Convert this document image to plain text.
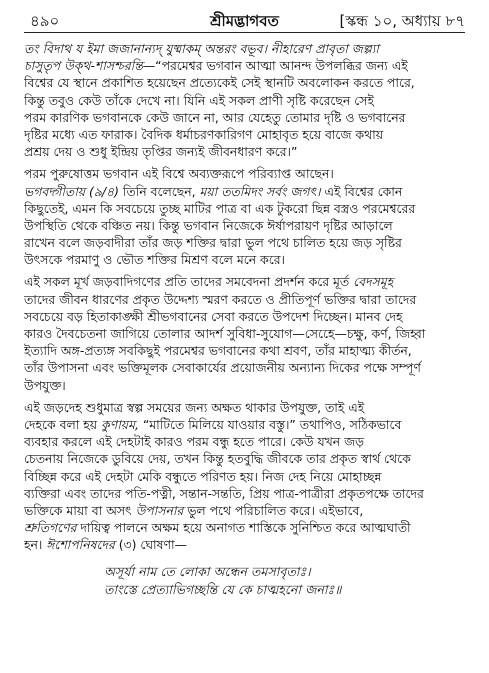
৪৯০	শ্রীমদ্ভাগবত	[স্কন্ধ ১০, অধ্যায় ৮৭
তং বিদাথ য ইমা জজানান্যদ্ যুষ্মাকম্ অন্তরং বভূব। নীহারেণ প্রাবৃতা জল্প্যা
চাসুতৃপ উক্থ-শাসশ্চরন্তি—“পরমেশ্বর ভগবান আত্মা আনন্দ উপলব্ধির জন্য এই
বিশ্বের যে স্থানে প্রকাশিত হয়েছেন প্রত্যেকেই সেই স্থানটি অবলোকন করতে পারে,
কিন্তু তবুও কেউ তাঁকে দেখে না। যিনি এই সকল প্রাণী সৃষ্টি করেছেন সেই
পরম কারণিক ভগবানকে কেউ জানে না, আর যেহেতু তোমার দৃষ্টি ও ভগবানের
দৃষ্টির মধ্যে এত ফারাক। বৈদিক ধর্মাচরণকারিগণ মোহাবৃত হয়ে বাজে কথায়
প্রশ্রয় দেয় ও শুধু ইন্দ্রিয় তৃপ্তির জন্যই জীবনধারণ করে।”
পরম পুরুষোত্তম ভগবান এই বিশ্বে অব্যক্তরূপে পরিব্যাপ্ত আছেন।
ভগবদ্গীতায় (৯/৪) তিনি বলেছেন, ময়া ততমিদং সর্বং জগৎ। এই বিশ্বের কোন
কিছুতেই, এমন কি সবচেয়ে তুচ্ছ মাটির পাত্র বা এক টুকরো ছিন্ন বস্ত্রও পরমেশ্বরের
উপস্থিতি থেকে বঞ্চিত নয়। কিন্তু ভগবান নিজেকে ঈর্ষাপরায়ণ দৃষ্টির আড়ালে
রাখেন বলে জড়বাদীরা তাঁর জড় শক্তির দ্বারা ভুল পথে চালিত হয়ে জড় সৃষ্টির
উৎসকে পরমাণু ও ভৌত শক্তির মিশ্রণ বলে মনে করে।
এই সকল মূর্খ জড়বাদিগণের প্রতি তাদের সমবেদনা প্রদর্শন করে মূর্ত বেদসমূহ
তাদের জীবন ধারণের প্রকৃত উদ্দেশ্য স্মরণ করতে ও প্রীতিপূর্ণ ভক্তির দ্বারা তাদের
সবচেয়ে বড় হিতাকাঙ্ক্ষী শ্রীভগবানের সেবা করতে উপদেশ দিচ্ছেন। মানব দেহ
কারও দৈবচেতনা জাগিয়ে তোলার আদর্শ সুবিধা-সুযোগ—সেহেে—চক্ষু, কর্ণ, জিহ্বা
ইত্যাদি অঙ্গ-প্রত্যঙ্গ সবকিছুই পরমেশ্বর ভগবানের কথা শ্রবণ, তাঁর মাহাত্ম্য কীর্তন,
তাঁর উপাসনা এবং ভক্তিমূলক সেবাকার্যের প্রয়োজনীয় অন্যান্য দিকের পক্ষে সম্পূর্ণ
উপযুক্ত।
এই জড়দেহ শুধুমাত্র স্বল্প সময়ের জন্য অক্ষত থাকার উপযুক্ত, তাই এই
দেহকে বলা হয় কুণায়ম, “মাটিতে মিলিয়ে যাওয়ার বস্তু।” তথাপিও, সঠিকভাবে
ব্যবহার করলে এই দেহটাই কারও পরম বন্ধু হতে পারে। কেউ যখন জড়
চেতনায় নিজেকে ডুবিয়ে দেয়, তখন কিন্তু হতবুদ্ধি জীবকে তার প্রকৃত স্বার্থ থেকে
বিচ্ছিন্ন করে এই দেহটা মেকি বন্ধুতে পরিণত হয়। নিজ দেহ নিয়ে মোহাচ্ছন্ন
ব্যক্তিরা এবং তাদের পতি-পত্নী, সন্তান-সন্ততি, প্রিয় পাত্র-পাত্রীরা প্রকৃতপক্ষে তাদের
ভক্তিকে মায়া বা অসৎ উপাসনার ভুল পথে পরিচালিত করে। এইভাবে,
শ্রুতিগণের দায়িত্ব পালনে অক্ষম হয়ে অনাগত শাস্তিকে সুনিশ্চিত করে আত্মঘাতী
হন। ঈশোপনিষদের (৩) ঘোষণা—
অসূর্যা নাম তে লোকা অন্ধেন তমসাবৃতাঃ।
তাংস্তে প্রেত্যাভিগচ্ছন্তি যে কে চাত্মহনো জনাঃ॥
